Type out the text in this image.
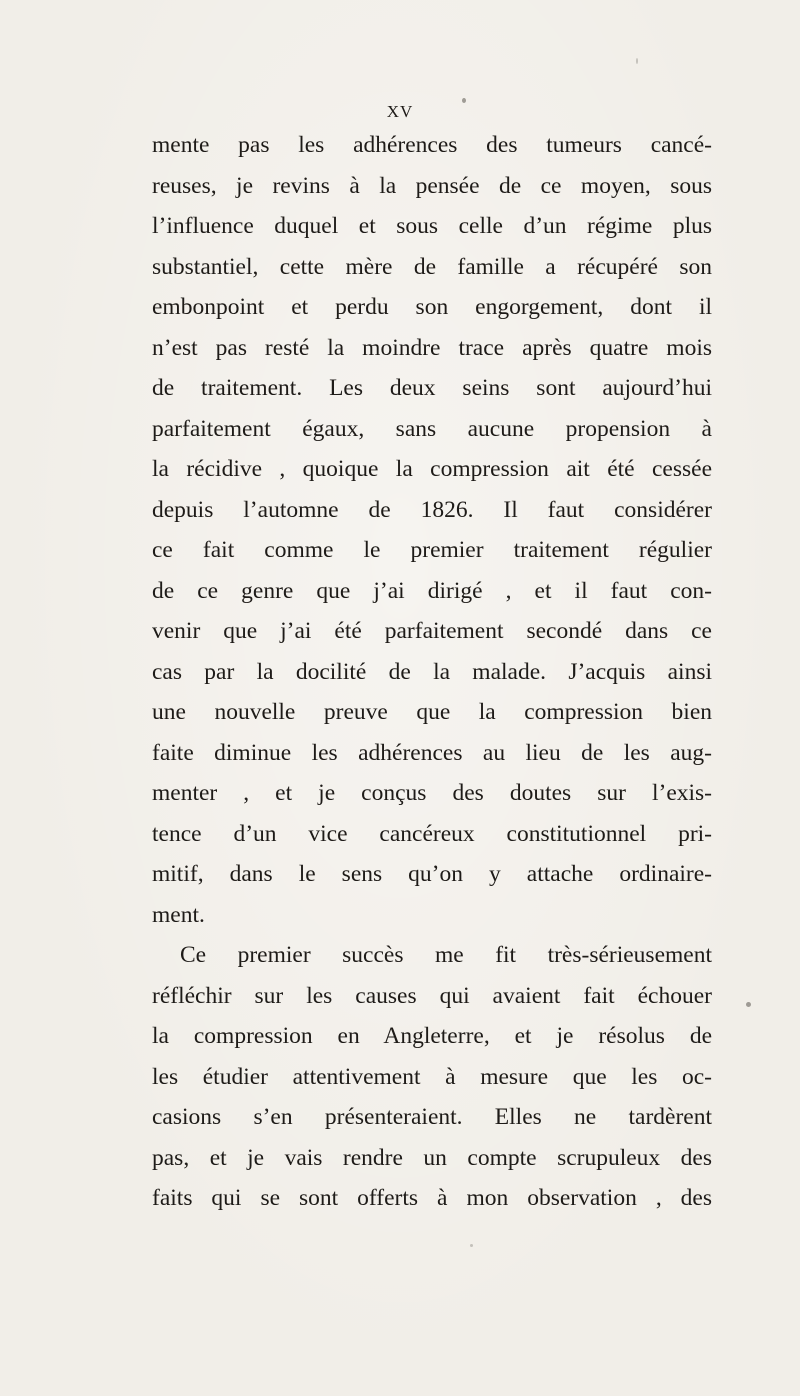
XV
mente pas les adhérences des tumeurs cancé-
reuses, je revins à la pensée de ce moyen, sous
l’influence duquel et sous celle d’un régime plus
substantiel, cette mère de famille a récupéré son
embonpoint et perdu son engorgement, dont il
n’est pas resté la moindre trace après quatre mois
de traitement. Les deux seins sont aujourd’hui
parfaitement égaux, sans aucune propension à
la récidive , quoique la compression ait été cessée
depuis l’automne de 1826. Il faut considérer
ce fait comme le premier traitement régulier
de ce genre que j’ai dirigé , et il faut con-
venir que j’ai été parfaitement secondé dans ce
cas par la docilité de la malade. J’acquis ainsi
une nouvelle preuve que la compression bien
faite diminue les adhérences au lieu de les aug-
menter , et je conçus des doutes sur l’exis-
tence d’un vice cancéreux constitutionnel pri-
mitif, dans le sens qu’on y attache ordinaire-
ment.
Ce premier succès me fit très-sérieusement
réfléchir sur les causes qui avaient fait échouer
la compression en Angleterre, et je résolus de
les étudier attentivement à mesure que les oc-
casions s’en présenteraient. Elles ne tardèrent
pas, et je vais rendre un compte scrupuleux des
faits qui se sont offerts à mon observation , des
